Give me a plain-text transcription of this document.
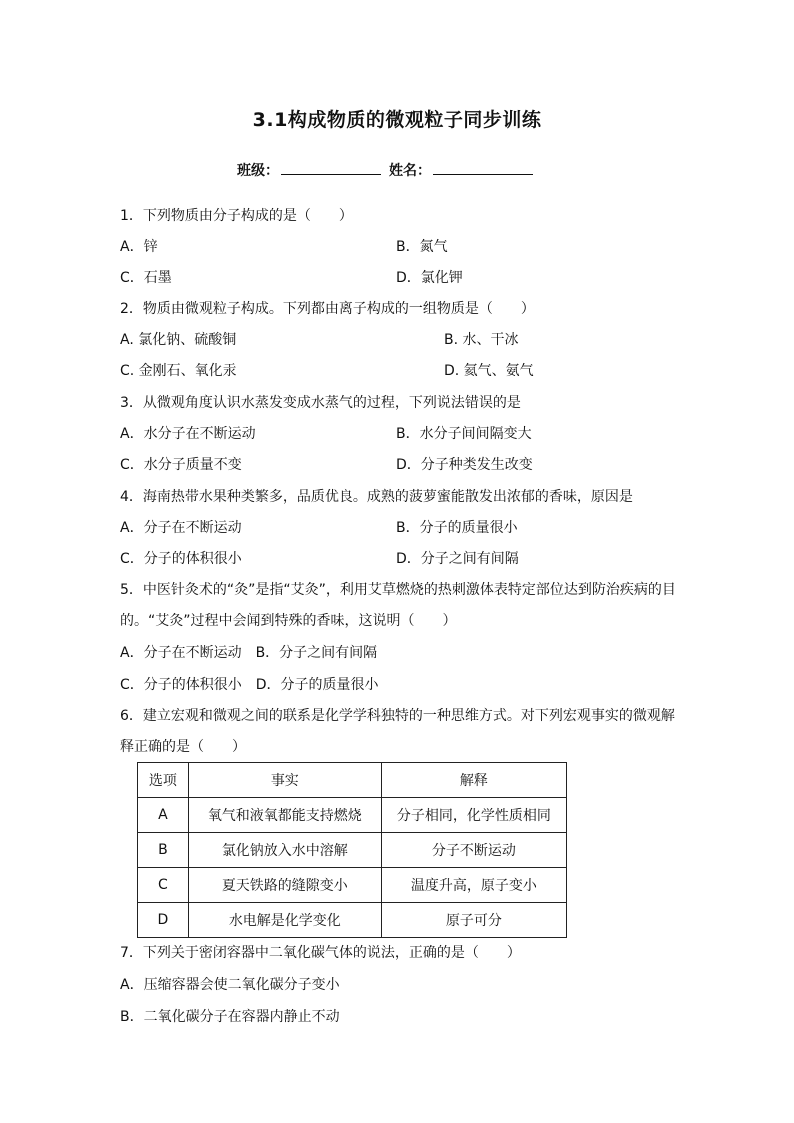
3.1构成物质的微观粒子同步训练
班级：	姓名：
1．下列物质由分子构成的是（　　）
A．锌	B．氮气
C．石墨	D．氯化钾
2．物质由微观粒子构成。下列都由离子构成的一组物质是（　　）
A. 氯化钠、硫酸铜	B. 水、干冰
C. 金刚石、氧化汞	D. 氦气、氨气
3．从微观角度认识水蒸发变成水蒸气的过程，下列说法错误的是
A．水分子在不断运动	B．水分子间间隔变大
C．水分子质量不变	D．分子种类发生改变
4．海南热带水果种类繁多，品质优良。成熟的菠萝蜜能散发出浓郁的香味，原因是
A．分子在不断运动	B．分子的质量很小
C．分子的体积很小	D．分子之间有间隔
5．中医针灸术的“灸”是指“艾灸”，利用艾草燃烧的热刺激体表特定部位达到防治疾病的目
的。“艾灸”过程中会闻到特殊的香味，这说明（　　）
A．分子在不断运动　B．分子之间有间隔
C．分子的体积很小　D．分子的质量很小
6．建立宏观和微观之间的联系是化学学科独特的一种思维方式。对下列宏观事实的微观解
释正确的是（　　）
选项	事实	解释
A	氧气和液氧都能支持燃烧	分子相同，化学性质相同
B	氯化钠放入水中溶解	分子不断运动
C	夏天铁路的缝隙变小	温度升高，原子变小
D	水电解是化学变化	原子可分
7．下列关于密闭容器中二氧化碳气体的说法，正确的是（　　）
A．压缩容器会使二氧化碳分子变小
B．二氧化碳分子在容器内静止不动
